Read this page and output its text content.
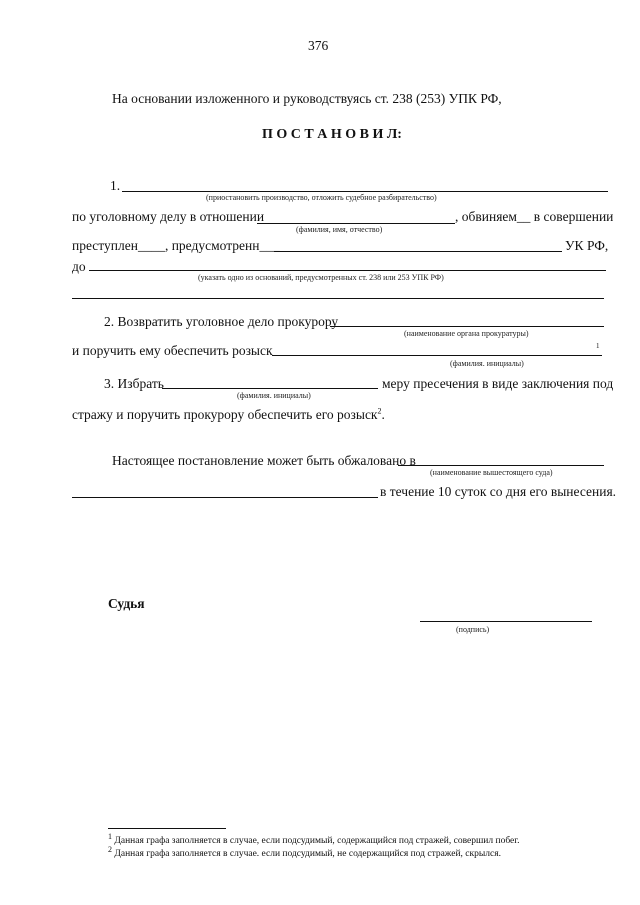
376
На основании изложенного и руководствуясь ст. 238 (253) УПК РФ,
П О С Т А Н О В И Л:
1.
(приостановить производство, отложить судебное разбирательство)
по уголовному делу в отношении	, обвиняем__ в совершении
(фамилия, имя, отчество)
преступлен____, предусмотренн___	УК РФ,
до
(указать одно из оснований, предусмотренных ст. 238 или 253 УПК РФ)
2. Возвратить уголовное дело прокурору
(наименование органа прокуратуры)
и поручить ему обеспечить розыск	1
(фамилия. инициалы)
3. Избрать	меру пресечения в виде заключения под
(фамилия. инициалы)
стражу и поручить прокурору обеспечить его розыск$^2$.
Настоящее постановление может быть обжаловано в
(наименование вышестоящего суда)
в течение 10 суток со дня его вынесения.
Судья
(подпись)
$^1$ Данная графа заполняется в случае, если подсудимый, содержащийся под стражей, совершил побег.
$^2$ Данная графа заполняется в случае. если подсудимый, не содержащийся под стражей, скрылся.
